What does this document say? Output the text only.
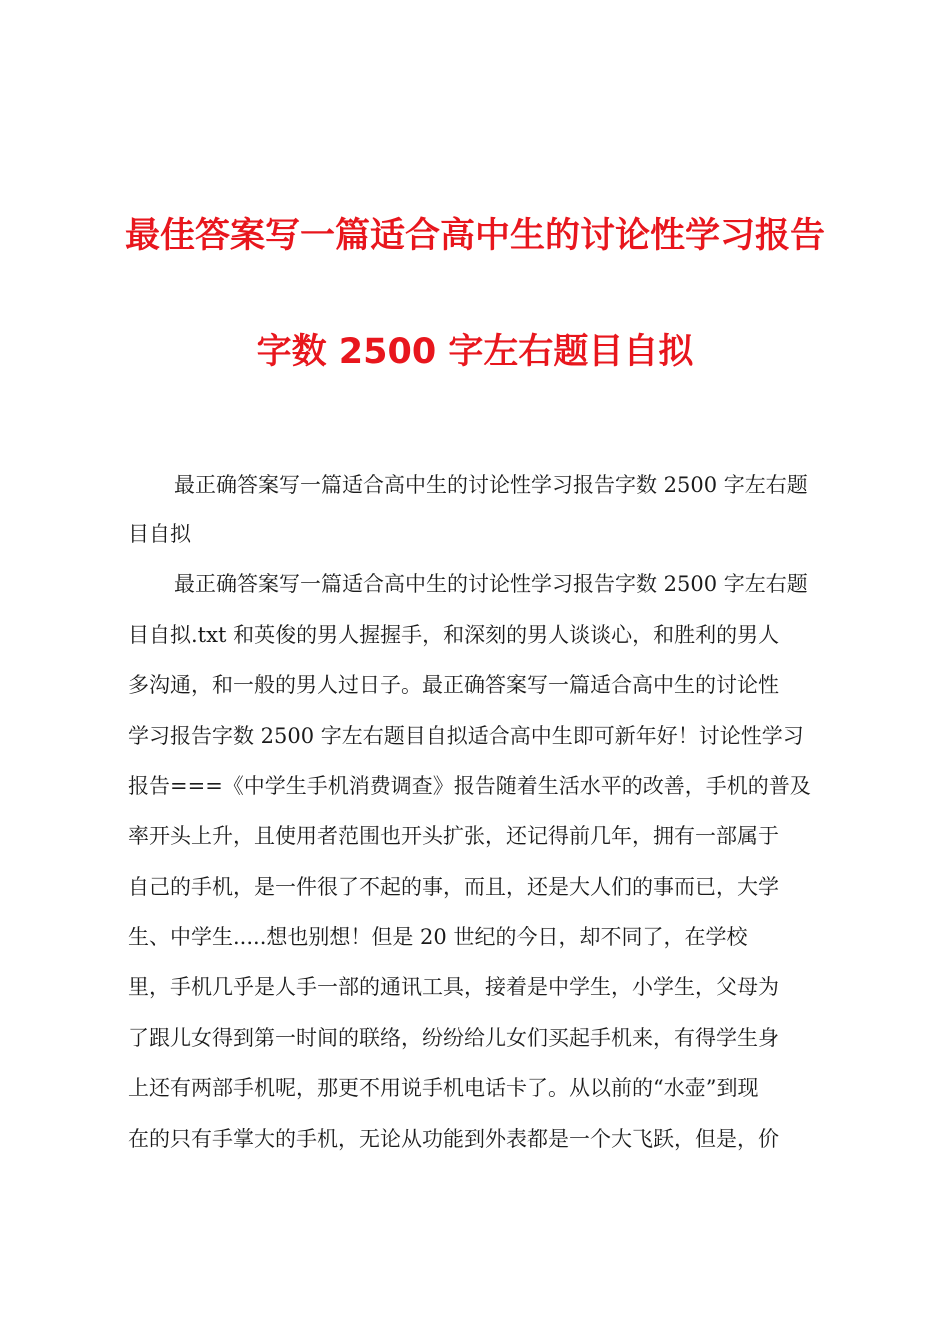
最佳答案写一篇适合高中生的讨论性学习报告
字数 2500 字左右题目自拟
最正确答案写一篇适合高中生的讨论性学习报告字数 2500 字左右题
目自拟
最正确答案写一篇适合高中生的讨论性学习报告字数 2500 字左右题
目自拟.txt 和英俊的男人握握手，和深刻的男人谈谈心，和胜利的男人
多沟通，和一般的男人过日子。最正确答案写一篇适合高中生的讨论性
学习报告字数 2500 字左右题目自拟适合高中生即可新年好！讨论性学习
报告===《中学生手机消费调查》报告随着生活水平的改善，手机的普及
率开头上升，且使用者范围也开头扩张，还记得前几年，拥有一部属于
自己的手机，是一件很了不起的事，而且，还是大人们的事而已，大学
生、中学生.....想也别想！但是 20 世纪的今日，却不同了，在学校
里，手机几乎是人手一部的通讯工具，接着是中学生，小学生，父母为
了跟儿女得到第一时间的联络，纷纷给儿女们买起手机来，有得学生身
上还有两部手机呢，那更不用说手机电话卡了。从以前的“水壶”到现
在的只有手掌大的手机，无论从功能到外表都是一个大飞跃，但是，价
